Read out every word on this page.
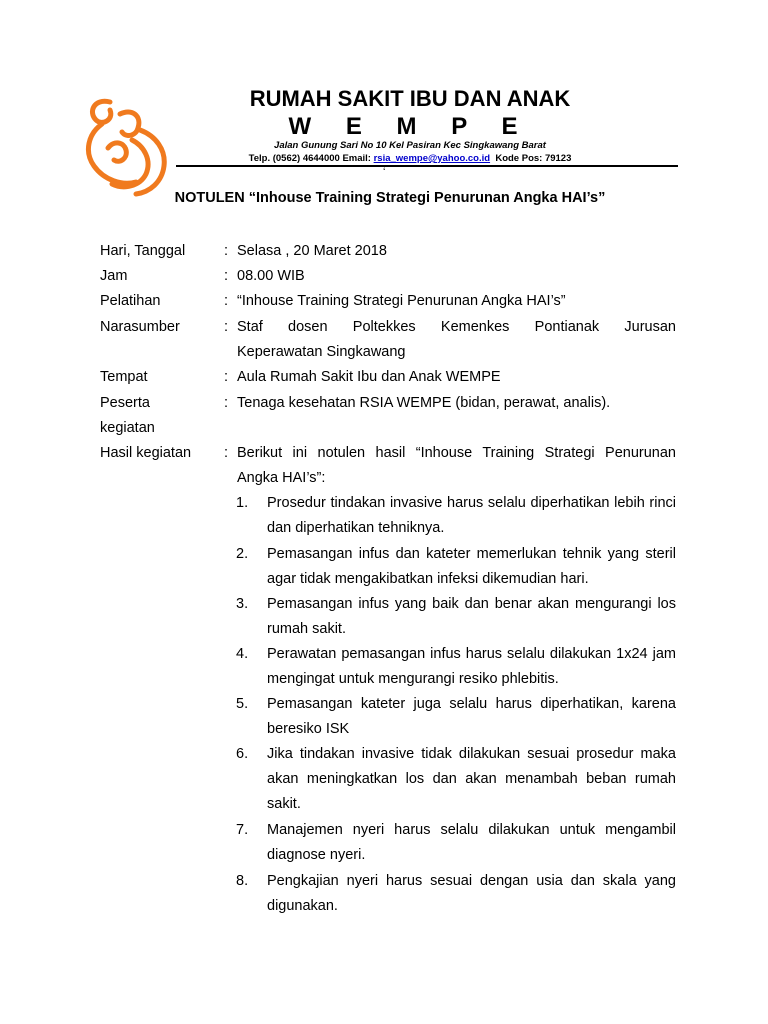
RUMAH SAKIT IBU DAN ANAK
W E M P E
Jalan Gunung Sari No 10 Kel Pasiran Kec Singkawang Barat
Telp. (0562) 4644000 Email: rsia_wempe@yahoo.co.id  Kode Pos: 79123
‘
NOTULEN “Inhouse Training Strategi Penurunan Angka HAI’s”
Hari, Tanggal	: Selasa , 20 Maret 2018
Jam	: 08.00 WIB
Pelatihan	: “Inhouse Training Strategi Penurunan Angka HAI’s”
Narasumber	: Staf dosen Poltekkes Kemenkes Pontianak Jurusan
Keperawatan Singkawang
Tempat	: Aula Rumah Sakit Ibu dan Anak WEMPE
Peserta
kegiatan
: Tenaga kesehatan RSIA WEMPE (bidan, perawat, analis).
Hasil kegiatan	: Berikut ini notulen hasil “Inhouse Training Strategi Penurunan
Angka HAI’s”:
1.	Prosedur tindakan invasive harus selalu diperhatikan lebih rinci dan diperhatikan tehniknya.
2.	Pemasangan infus dan kateter memerlukan tehnik yang steril agar tidak mengakibatkan infeksi dikemudian hari.
3.	Pemasangan infus yang baik dan benar akan mengurangi los rumah sakit.
4.	Perawatan pemasangan infus harus selalu dilakukan 1x24 jam mengingat untuk mengurangi resiko phlebitis.
5.	Pemasangan kateter juga selalu harus diperhatikan, karena beresiko ISK
6.	Jika tindakan invasive tidak dilakukan sesuai prosedur maka akan meningkatkan los dan akan menambah beban rumah sakit.
7.	Manajemen nyeri harus selalu dilakukan untuk mengambil diagnose nyeri.
8.	Pengkajian nyeri harus sesuai dengan usia dan skala yang digunakan.
